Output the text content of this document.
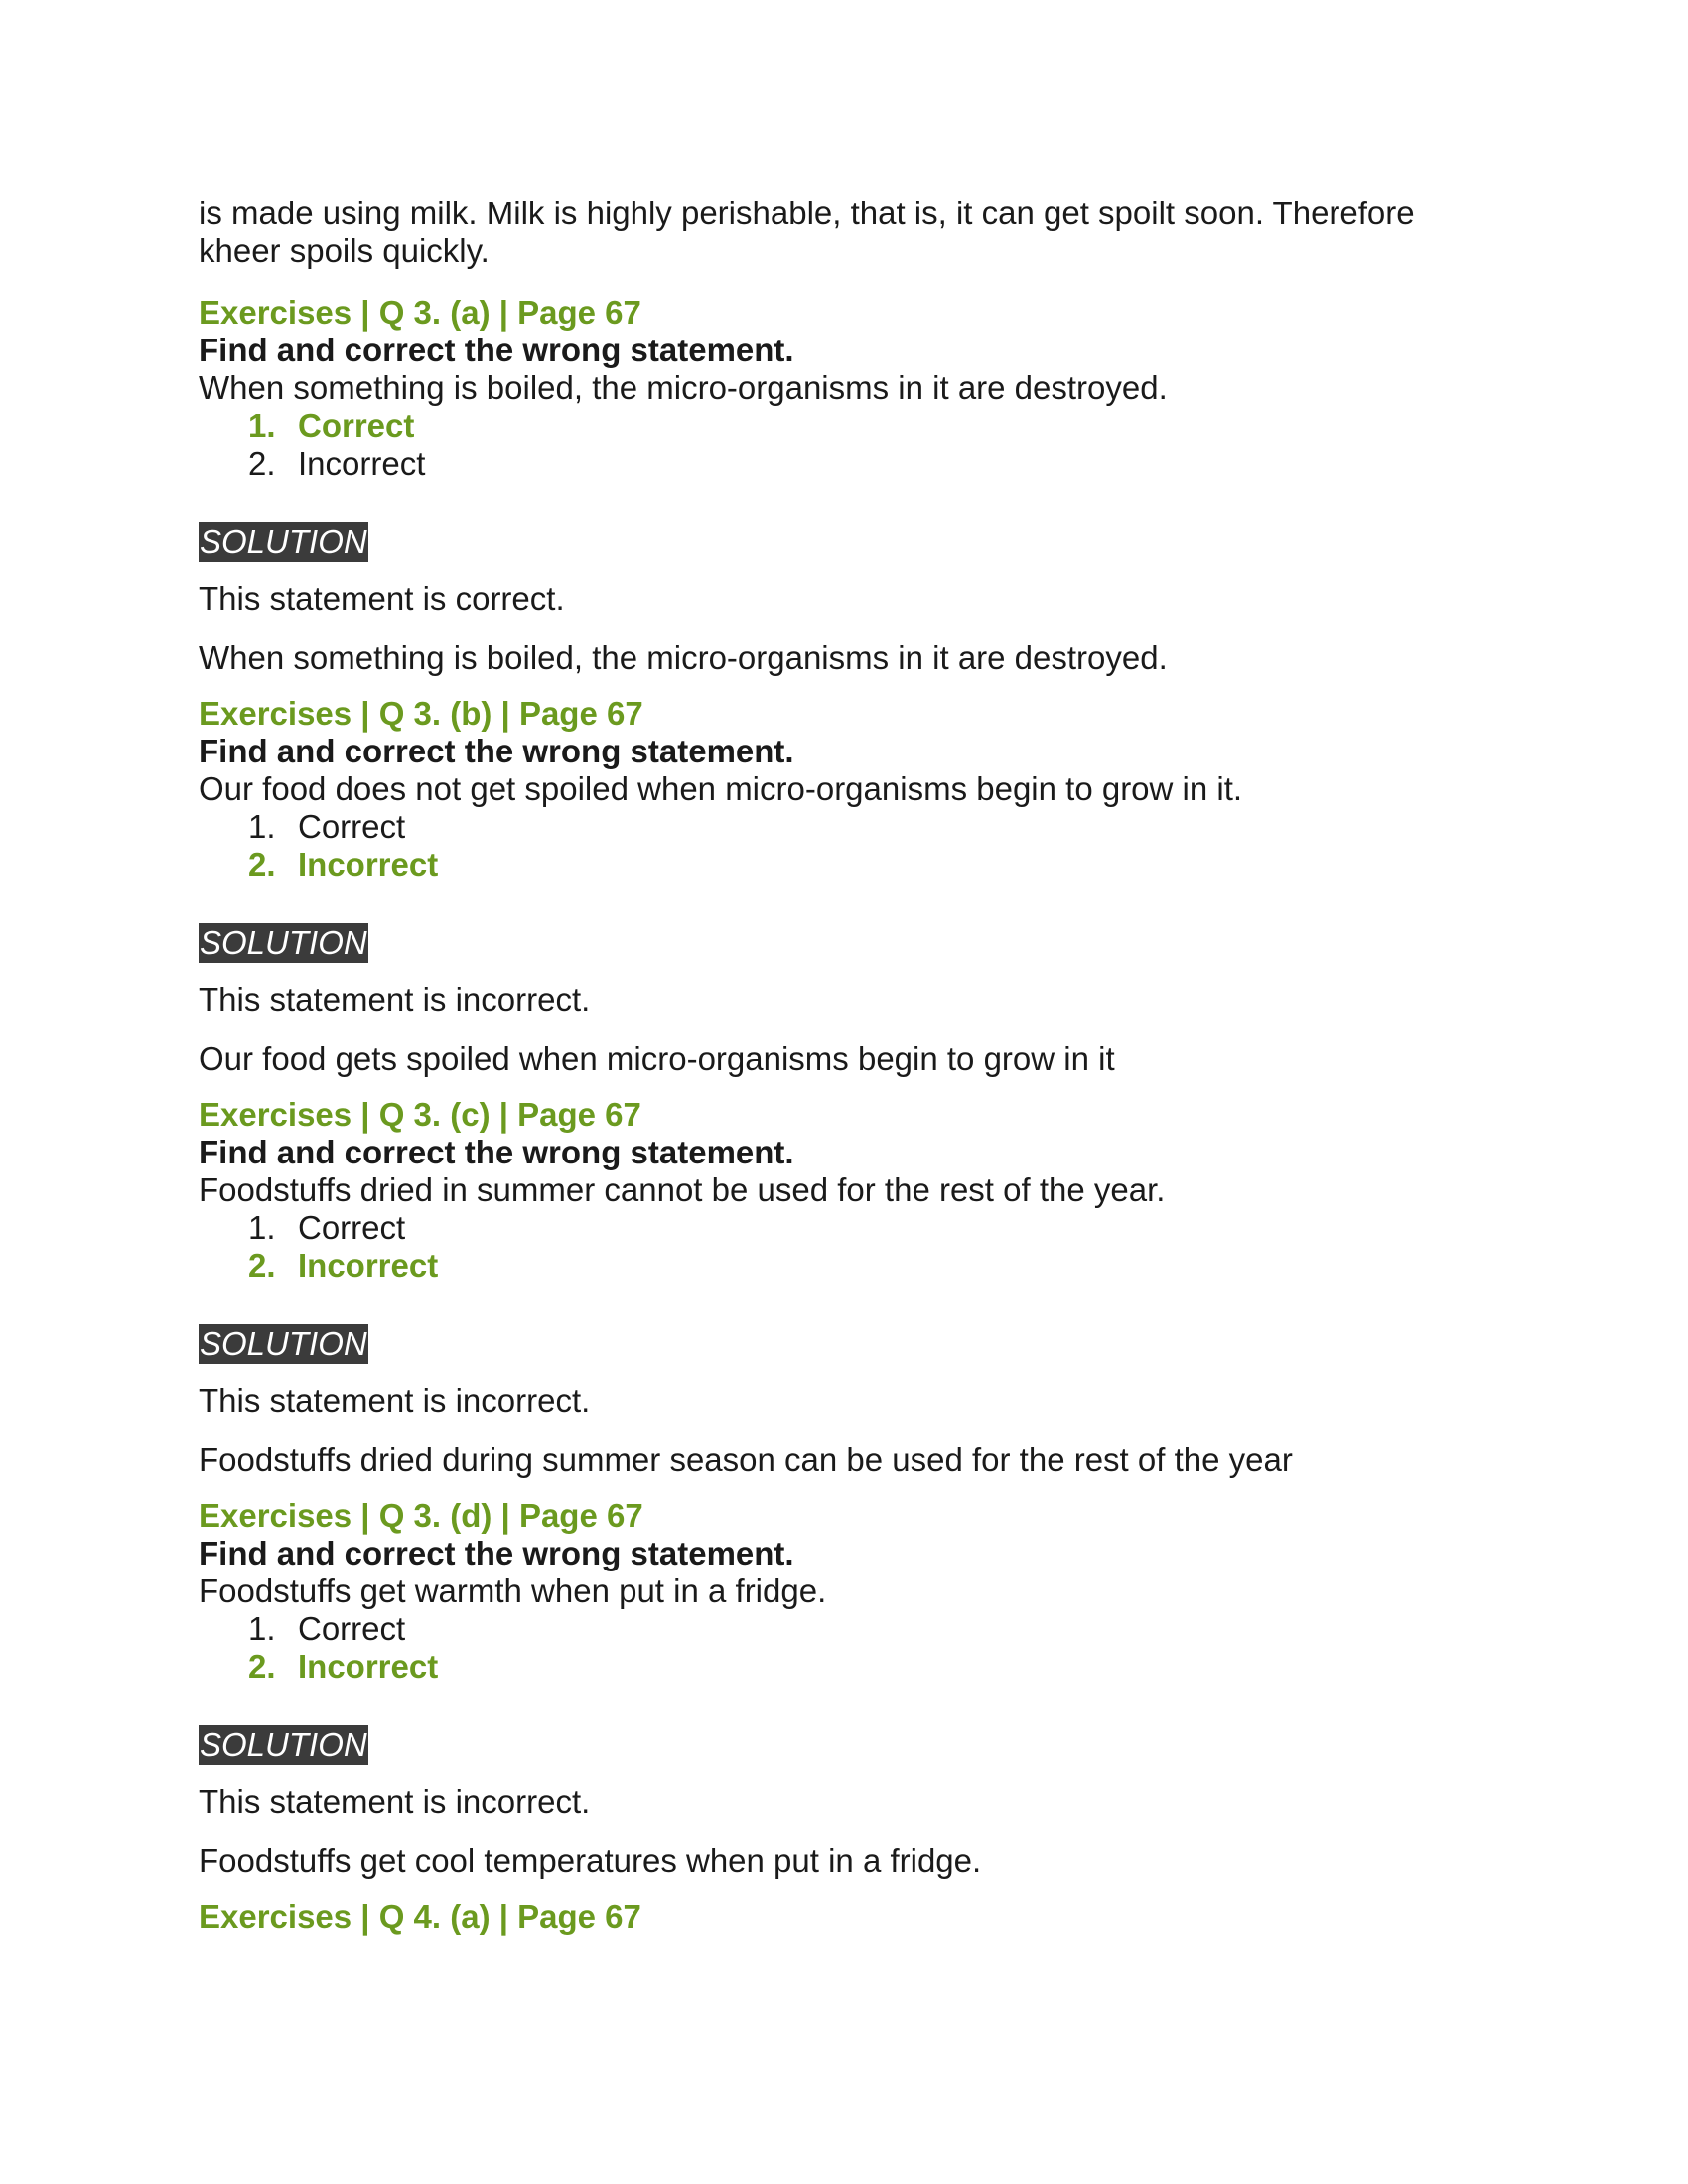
is made using milk. Milk is highly perishable, that is, it can get spoilt soon. Therefore

kheer spoils quickly.

Exercises | Q 3. (a) | Page 67

Find and correct the wrong statement.

When something is boiled, the micro-organisms in it are destroyed.

1. Correct
2. Incorrect
SOLUTION

This statement is correct.

When something is boiled, the micro-organisms in it are destroyed.

Exercises | Q 3. (b) | Page 67

Find and correct the wrong statement.

Our food does not get spoiled when micro-organisms begin to grow in it.

1. Correct
2. Incorrect
SOLUTION

This statement is incorrect.

Our food gets spoiled when micro-organisms begin to grow in it

Exercises | Q 3. (c) | Page 67

Find and correct the wrong statement.

Foodstuffs dried in summer cannot be used for the rest of the year.

1. Correct
2. Incorrect
SOLUTION

This statement is incorrect.

Foodstuffs dried during summer season can be used for the rest of the year

Exercises | Q 3. (d) | Page 67

Find and correct the wrong statement.

Foodstuffs get warmth when put in a fridge.

1. Correct
2. Incorrect
SOLUTION

This statement is incorrect.

Foodstuffs get cool temperatures when put in a fridge.

Exercises | Q 4. (a) | Page 67
